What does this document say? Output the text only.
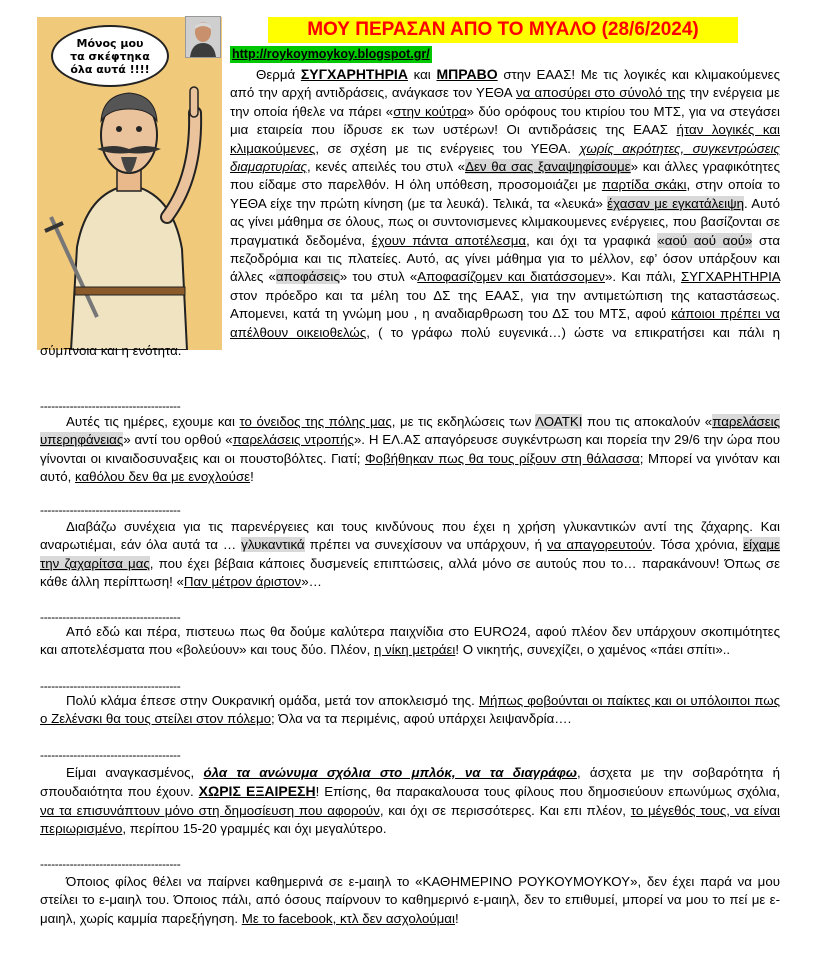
Μόνος μου
τα σκέφτηκα
όλα αυτά !!!!
ΜΟΥ ΠΕΡΑΣΑΝ ΑΠΟ ΤΟ ΜΥΑΛΟ (28/6/2024)
http://roykoymoykoy.blogspot.gr/
Θερμά ΣΥΓΧΑΡΗΤΗΡΙΑ και ΜΠΡΑΒΟ στην ΕΑΑΣ! Με τις λογικές και κλιμακούμενες από την αρχή αντιδράσεις, ανάγκασε τον ΥΕΘΑ να αποσύρει στο σύνολό της την ενέργεια με την οποία ήθελε να πάρει «στην κούτρα» δύο ορόφους του κτιρίου του ΜΤΣ, για να στεγάσει μια εταιρεία που ίδρυσε εκ των υστέρων! Οι αντιδράσεις της ΕΑΑΣ ήταν λογικές και κλιμακούμενες, σε σχέση με τις ενέργειες του ΥΕΘΑ. χωρίς ακρότητες, συγκεντρώσεις διαμαρτυρίας, κενές απειλές του στυλ «Δεν θα σας ξαναψηφίσουμε» και άλλες γραφικότητες που είδαμε στο παρελθόν. Η όλη υπόθεση, προσομοιάζει με παρτίδα σκάκι, στην οποία το ΥΕΘΑ είχε την πρώτη κίνηση (με τα λευκά). Τελικά, τα «λευκά» έχασαν με εγκατάλειψη. Αυτό ας γίνει μάθημα σε όλους, πως οι συντονισμενες κλιμακουμενες ενέργειες, που βασίζονται σε πραγματικά δεδομένα, έχουν πάντα αποτέλεσμα, και όχι τα γραφικά «αού αού αού» στα πεζοδρόμια και τις πλατείες. Αυτό, ας γίνει μάθημα για το μέλλον, εφ’ όσον υπάρξουν και άλλες «αποφάσεις» του στυλ «Αποφασίζομεν και διατάσσομεν». Και πάλι, ΣΥΓΧΑΡΗΤΗΡΙΑ στον πρόεδρο και τα μέλη του ΔΣ της ΕΑΑΣ, για την αντιμετώπιση της καταστάσεως. Απομενει, κατά τη γνώμη μου , η αναδιαρθρωση του ΔΣ του ΜΤΣ, αφού κάποιοι πρέπει να απέλθουν οικειοθελώς, ( το γράφω πολύ ευγενικά…) ώστε να επικρατήσει και πάλι η σύμπνοια και η ενότητα.
--------------------------------------
Αυτές τις ημέρες, εχουμε και το όνειδος της πόλης μας, με τις εκδηλώσεις των ΛΟΑΤΚΙ που τις αποκαλούν «παρελάσεις υπερηφάνειας» αντί του ορθού «παρελάσεις ντροπής». Η ΕΛ.ΑΣ απαγόρευσε συγκέντρωση και πορεία την 29/6 την ώρα που γίνονται οι κιναιδοσυναξεις και οι πουστοβόλτες. Γιατί; Φοβήθηκαν πως θα τους ρίξουν στη θάλασσα; Μπορεί να γινόταν και αυτό, καθόλου δεν θα με ενοχλούσε!
--------------------------------------
Διαβάζω συνέχεια για τις παρενέργειες και τους κινδύνους που έχει η χρήση γλυκαντικών αντί της ζάχαρης. Και αναρωτιέμαι, εάν όλα αυτά τα … γλυκαντικά πρέπει να συνεχίσουν να υπάρχουν, ή να απαγορευτούν. Τόσα χρόνια, είχαμε την ζαχαρίτσα μας, που έχει βέβαια κάποιες δυσμενείς επιπτώσεις, αλλά μόνο σε αυτούς που το… παρακάνουν! Όπως σε κάθε άλλη περίπτωση! «Παν μέτρον άριστον»…
--------------------------------------
Από εδώ και πέρα, πιστευω πως θα δούμε καλύτερα παιχνίδια στο EURO24, αφού πλέον δεν υπάρχουν σκοπιμότητες και αποτελέσματα που «βολεύουν» και τους δύο. Πλέον, η νίκη μετράει! Ο νικητής, συνεχίζει, ο χαμένος «πάει σπίτι»..
--------------------------------------
Πολύ κλάμα έπεσε στην Ουκρανική ομάδα, μετά τον αποκλεισμό της. Μήπως φοβούνται οι παίκτες και οι υπόλοιποι πως ο Ζελένσκι θα τους στείλει στον πόλεμο; Όλα να τα περιμένις, αφού υπάρχει λειψανδρία….
--------------------------------------
Είμαι αναγκασμένος, όλα τα ανώνυμα σχόλια στο μπλόκ, να τα διαγράφω, άσχετα με την σοβαρότητα ή σπουδαιότητα που έχουν. ΧΩΡΙΣ ΕΞΑΙΡΕΣΗ! Επίσης, θα παρακαλουσα τους φίλους που δημοσιεύουν επωνύμως σχόλια, να τα επισυνάπτουν μόνο στη δημοσίευση που αφορούν, και όχι σε περισσότερες. Και επι πλέον, το μέγεθός τους, να είναι περιωρισμένο, περίπου 15-20 γραμμές και όχι μεγαλύτερο.
--------------------------------------
Όποιος φίλος θέλει να παίρνει καθημερινά σε ε-μαιηλ το «ΚΑΘΗΜΕΡΙΝΟ ΡΟΥΚΟΥΜΟΥΚΟΥ», δεν έχει παρά να μου στείλει το ε-μαιηλ του. Όποιος πάλι, από όσους παίρνουν το καθημερινό ε-μαιηλ, δεν το επιθυμεί, μπορεί να μου το πεί με ε-μαιηλ, χωρίς καμμία παρεξήγηση. Με το facebook, κτλ δεν ασχολούμαι!
